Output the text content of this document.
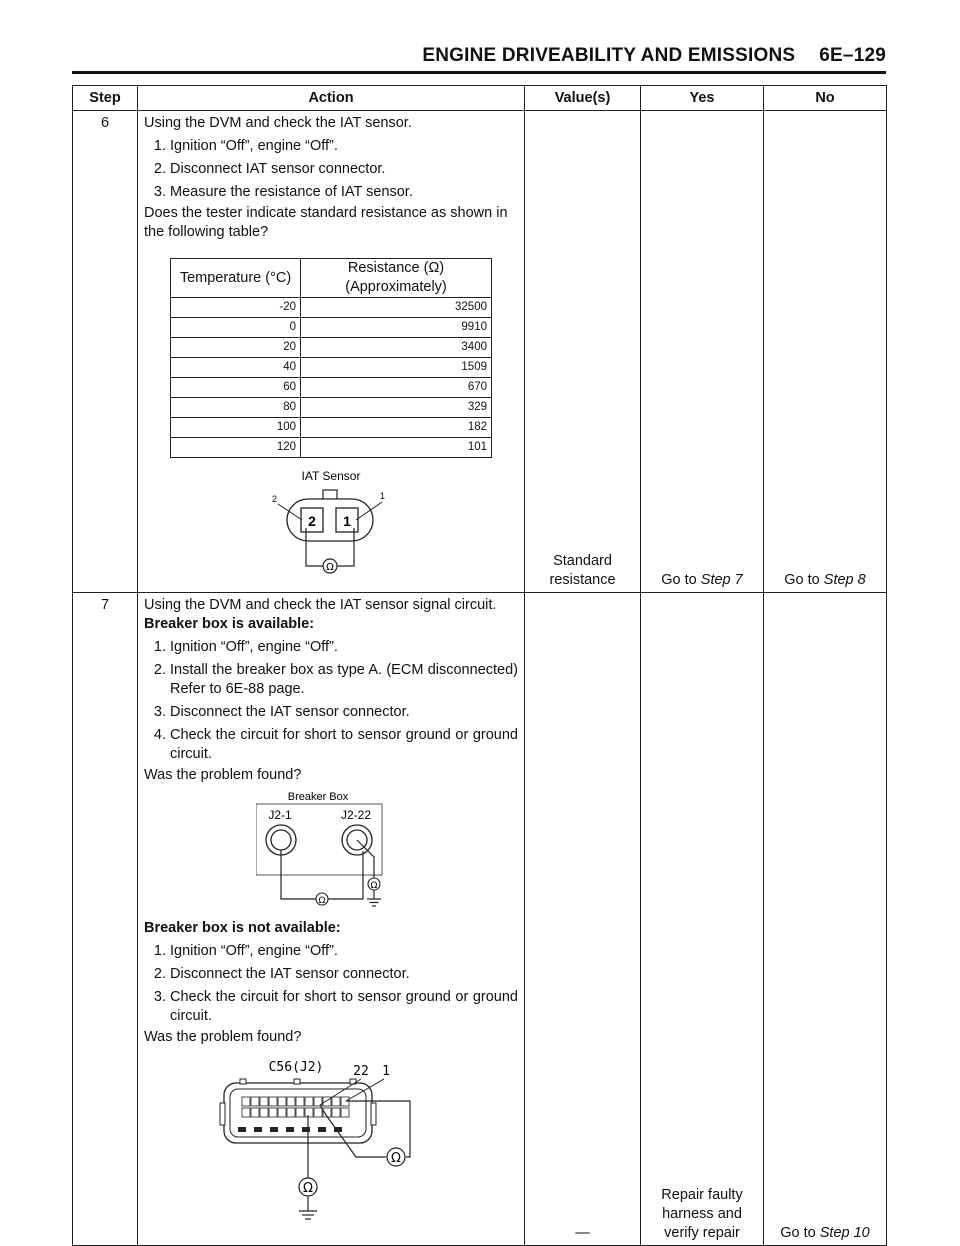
ENGINE DRIVEABILITY AND EMISSIONS 6E–129
Step	Action	Value(s)	Yes	No
6	Using the DVM and check the IAT sensor.

1. Ignition “Off”, engine “Off”.
2. Disconnect IAT sensor connector.
3. Measure the resistance of IAT sensor.

Does the tester indicate standard resistance as shown in the following table?

Temperature (°C)	Resistance (Ω) (Approximately)
-20	32500
0	9910
20	3400
40	1509
60	670
80	329
100	182
120	101
IAT Sensor
2 1
2	1
Ω	Standard resistance	Go to Step 7	Go to Step 8
7	Using the DVM and check the IAT sensor signal circuit.

Breaker box is available:

1. Ignition “Off”, engine “Off”.
2. Install the breaker box as type A. (ECM disconnected) Refer to 6E-88 page.
3. Disconnect the IAT sensor connector.
4. Check the circuit for short to sensor ground or ground circuit.

Was the problem found?

Breaker Box
J2-1	J2-22
Ω
Ω

Breaker box is not available:

1. Ignition “Off”, engine “Off”.
2. Disconnect the IAT sensor connector.
3. Check the circuit for short to sensor ground or ground circuit.

Was the problem found?

C56(J2) 22 1
Ω
Ω
	—	Repair faulty harness and verify repair	Go to Step 10
